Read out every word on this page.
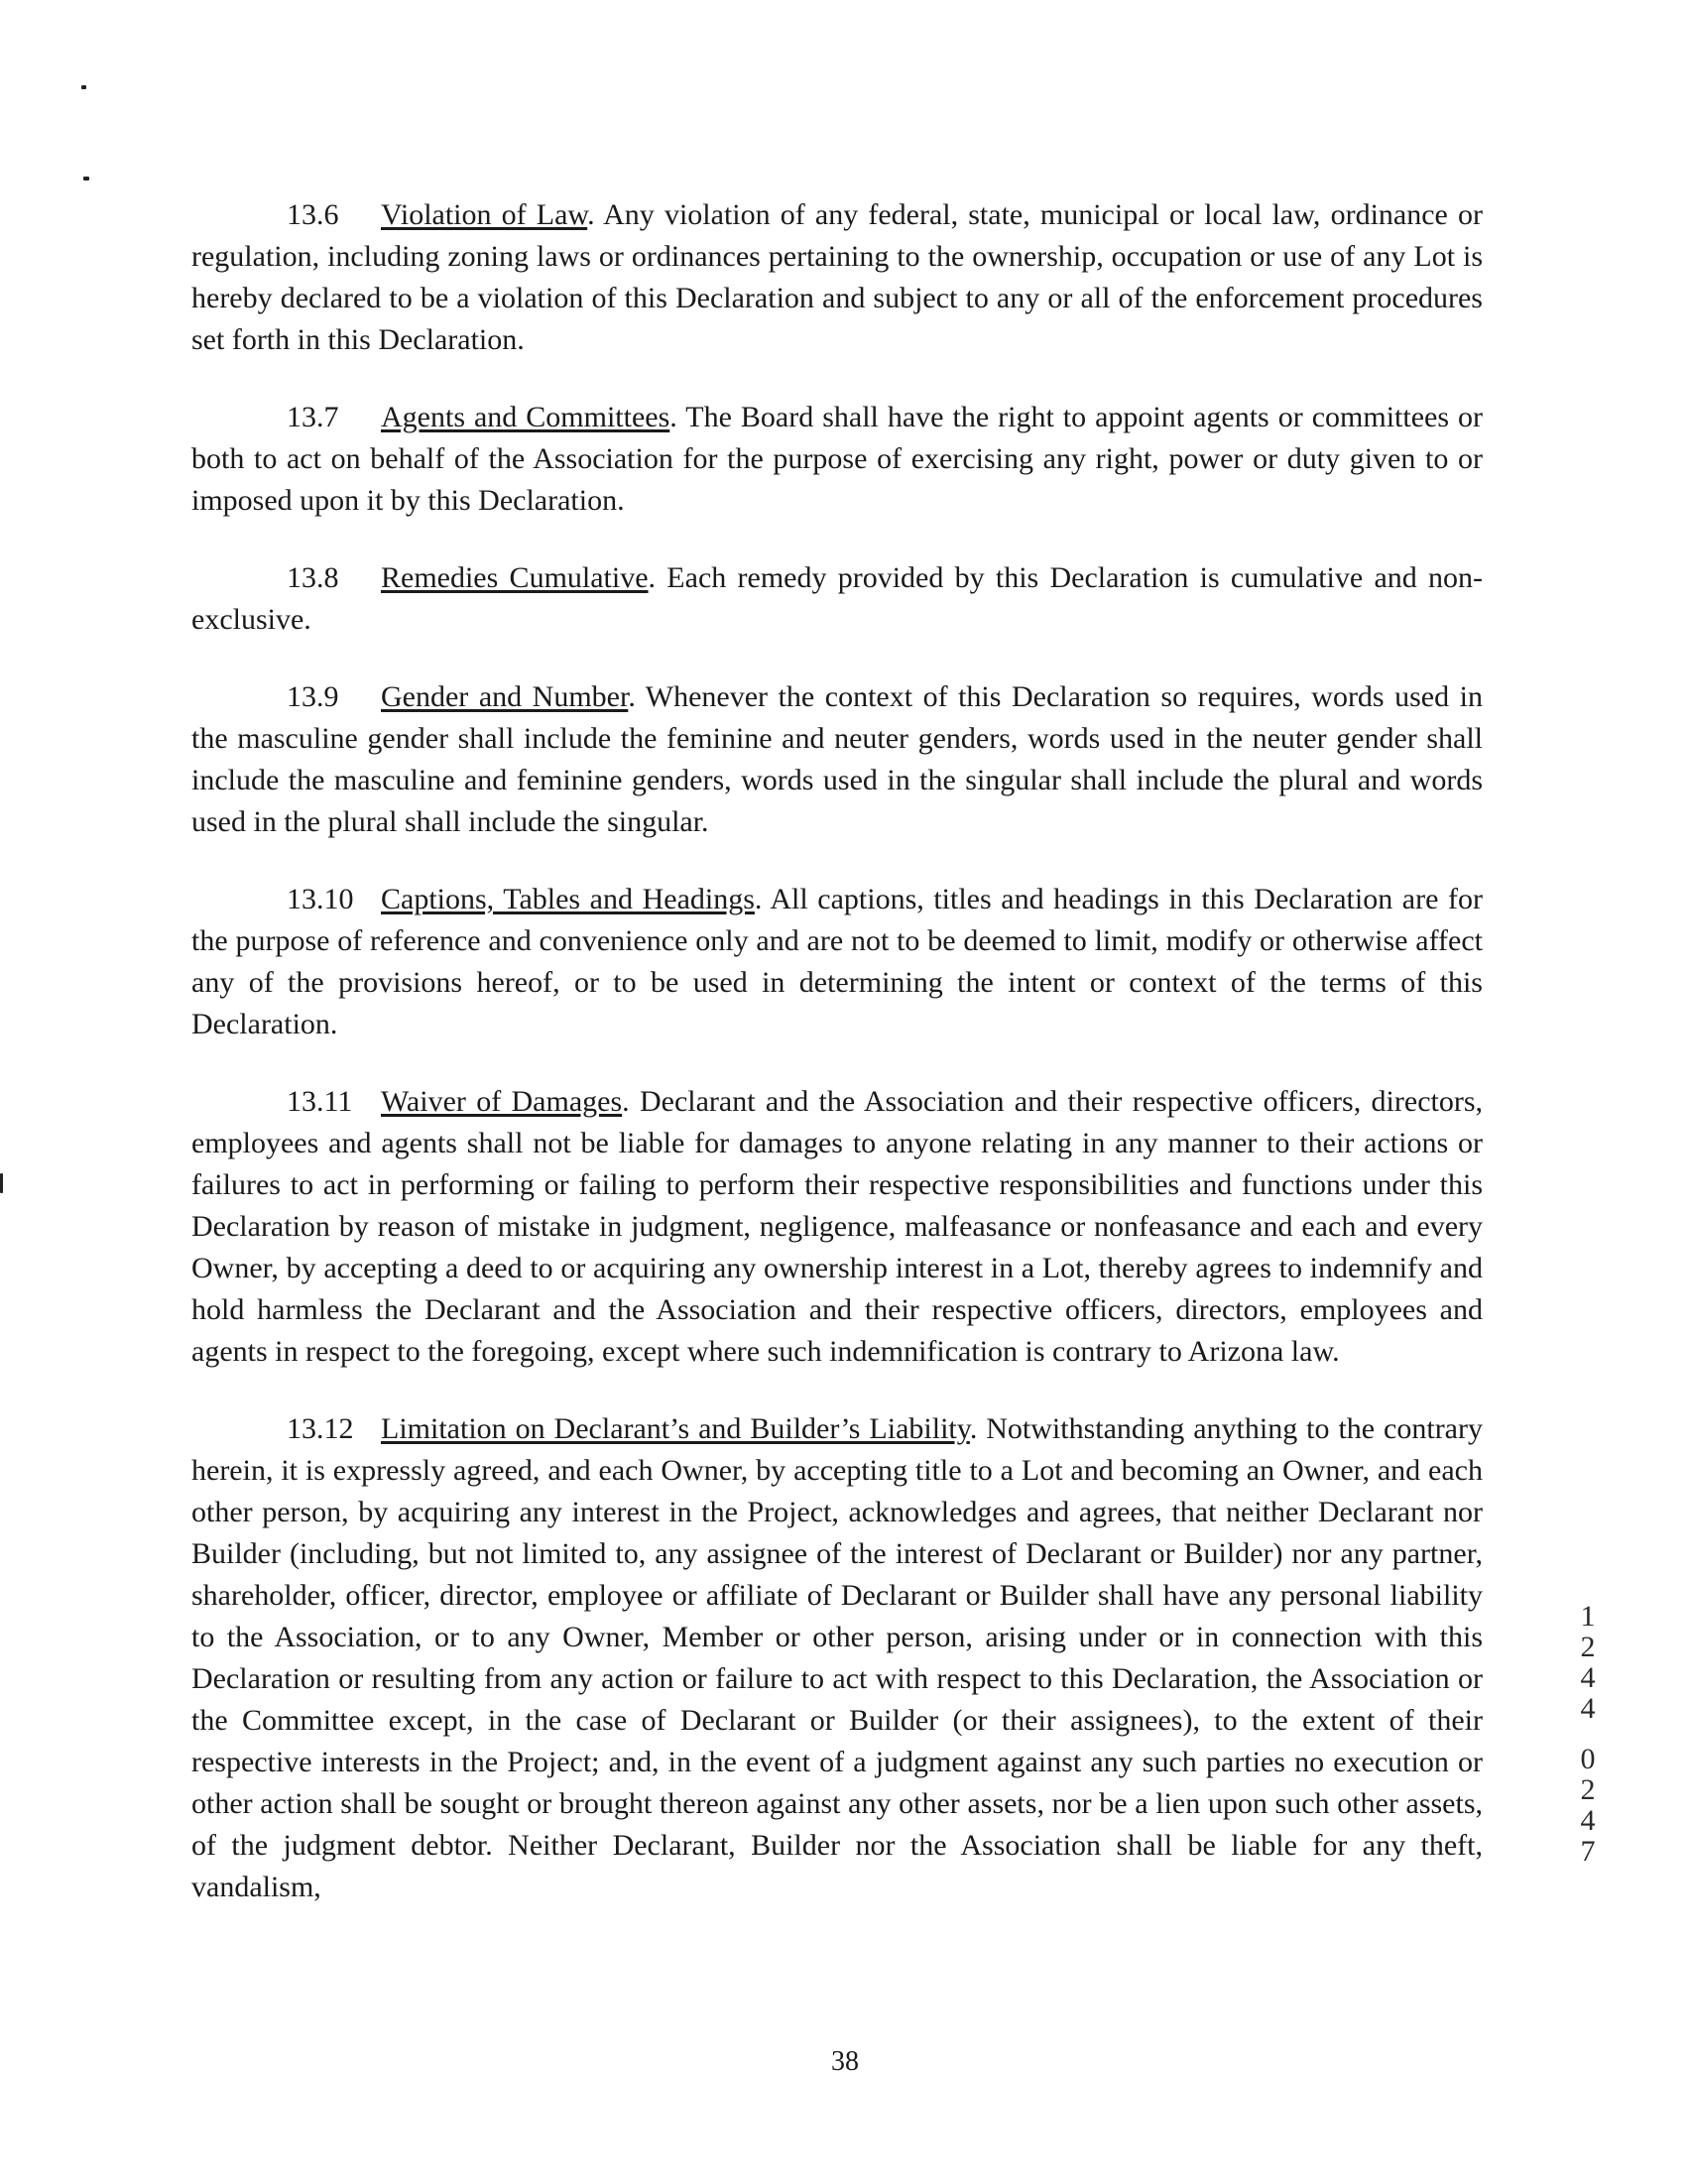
13.6 Violation of Law. Any violation of any federal, state, municipal or local law, ordinance or regulation, including zoning laws or ordinances pertaining to the ownership, occupation or use of any Lot is hereby declared to be a violation of this Declaration and subject to any or all of the enforcement procedures set forth in this Declaration.

13.7 Agents and Committees. The Board shall have the right to appoint agents or committees or both to act on behalf of the Association for the purpose of exercising any right, power or duty given to or imposed upon it by this Declaration.

13.8 Remedies Cumulative. Each remedy provided by this Declaration is cumulative and non-exclusive.

13.9 Gender and Number. Whenever the context of this Declaration so requires, words used in the masculine gender shall include the feminine and neuter genders, words used in the neuter gender shall include the masculine and feminine genders, words used in the singular shall include the plural and words used in the plural shall include the singular.

13.10 Captions, Tables and Headings. All captions, titles and headings in this Declaration are for the purpose of reference and convenience only and are not to be deemed to limit, modify or otherwise affect any of the provisions hereof, or to be used in determining the intent or context of the terms of this Declaration.

13.11 Waiver of Damages. Declarant and the Association and their respective officers, directors, employees and agents shall not be liable for damages to anyone relating in any manner to their actions or failures to act in performing or failing to perform their respective responsibilities and functions under this Declaration by reason of mistake in judgment, negligence, malfeasance or nonfeasance and each and every Owner, by accepting a deed to or acquiring any ownership interest in a Lot, thereby agrees to indemnify and hold harmless the Declarant and the Association and their respective officers, directors, employees and agents in respect to the foregoing, except where such indemnification is contrary to Arizona law.

13.12 Limitation on Declarant’s and Builder’s Liability. Notwithstanding anything to the contrary herein, it is expressly agreed, and each Owner, by accepting title to a Lot and becoming an Owner, and each other person, by acquiring any interest in the Project, acknowledges and agrees, that neither Declarant nor Builder (including, but not limited to, any assignee of the interest of Declarant or Builder) nor any partner, shareholder, officer, director, employee or affiliate of Declarant or Builder shall have any personal liability to the Association, or to any Owner, Member or other person, arising under or in connection with this Declaration or resulting from any action or failure to act with respect to this Declaration, the Association or the Committee except, in the case of Declarant or Builder (or their assignees), to the extent of their respective interests in the Project; and, in the event of a judgment against any such parties no execution or other action shall be sought or brought thereon against any other assets, nor be a lien upon such other assets, of the judgment debtor. Neither Declarant, Builder nor the Association shall be liable for any theft, vandalism,

1
2
4
4
0
2
4
7
38
